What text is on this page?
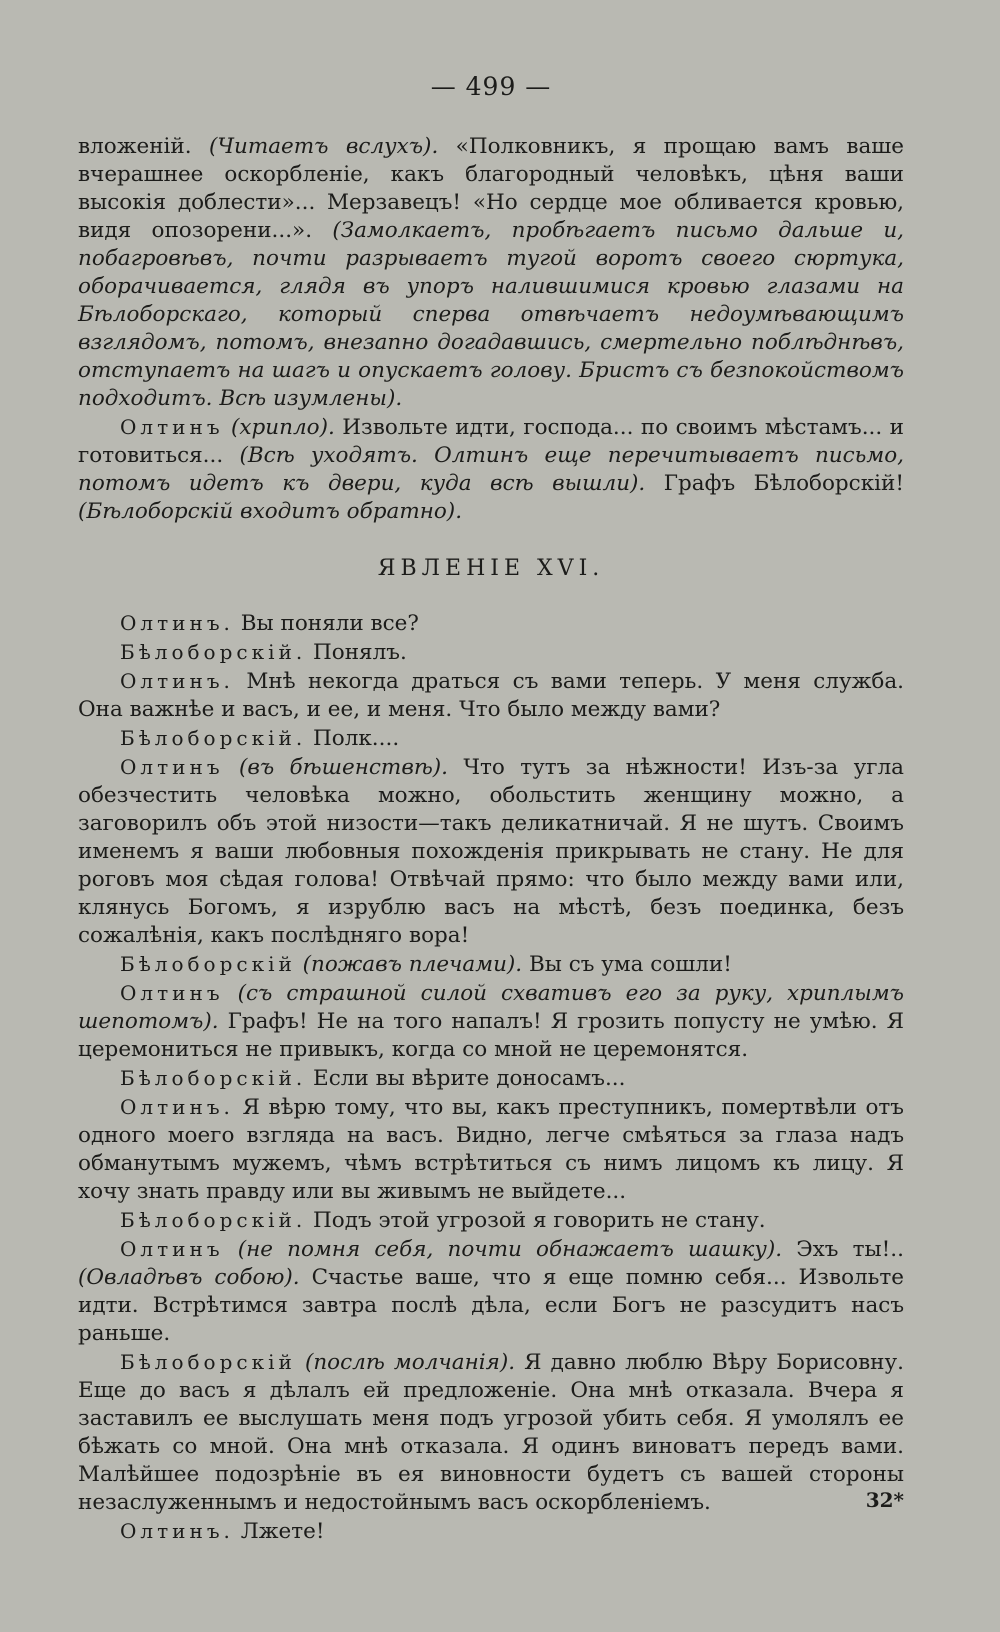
— 499 —

вложенiй. (Читаетъ вслухъ). «Полковникъ, я прощаю вамъ ваше вчерашнее оскорбленiе, какъ благородный человѣкъ, цѣня ваши высокiя доблести»... Мерзавецъ! «Но сердце мое обливается кровью, видя опозорени...». (Замолкаетъ, пробѣгаетъ письмо дальше и, побагровѣвъ, почти разрываетъ тугой воротъ своего сюртука, оборачивается, глядя въ упоръ налившимися кровью глазами на Бѣлоборскаго, который сперва отвѣчаетъ недоумѣвающимъ взглядомъ, потомъ, внезапно догадавшись, смертельно поблѣднѣвъ, отступаетъ на шагъ и опускаетъ голову. Бристъ съ безпокойствомъ подходитъ. Всѣ изумлены).

Олтинъ (хрипло). Извольте идти, господа... по своимъ мѣстамъ... и готовиться... (Всѣ уходятъ. Олтинъ еще перечитываетъ письмо, потомъ идетъ къ двери, куда всѣ вышли). Графъ Бѣлоборскiй! (Бѣлоборскiй входитъ обратно).

ЯВЛЕНIЕ XVI.

Олтинъ. Вы поняли все?

Бѣлоборскiй. Понялъ.

Олтинъ. Мнѣ некогда драться съ вами теперь. У меня служба. Она важнѣе и васъ, и ее, и меня. Что было между вами?

Бѣлоборскiй. Полк....

Олтинъ (въ бѣшенствѣ). Что тутъ за нѣжности! Изъ-за угла обезчестить человѣка можно, обольстить женщину можно, а заговорилъ объ этой низости—такъ деликатничай. Я не шутъ. Своимъ именемъ я ваши любовныя похожденiя прикрывать не стану. Не для роговъ моя сѣдая голова! Отвѣчай прямо: что было между вами или, клянусь Богомъ, я изрублю васъ на мѣстѣ, безъ поединка, безъ сожалѣнiя, какъ послѣдняго вора!

Бѣлоборскiй (пожавъ плечами). Вы съ ума сошли!

Олтинъ (съ страшной силой схвативъ его за руку, хриплымъ шепотомъ). Графъ! Не на того напалъ! Я грозить попусту не умѣю. Я церемониться не привыкъ, когда со мной не церемонятся.

Бѣлоборскiй. Если вы вѣрите доносамъ...

Олтинъ. Я вѣрю тому, что вы, какъ преступникъ, помертвѣли отъ одного моего взгляда на васъ. Видно, легче смѣяться за глаза надъ обманутымъ мужемъ, чѣмъ встрѣтиться съ нимъ лицомъ къ лицу. Я хочу знать правду или вы живымъ не выйдете...

Бѣлоборскiй. Подъ этой угрозой я говорить не стану.

Олтинъ (не помня себя, почти обнажаетъ шашку). Эхъ ты!.. (Овладѣвъ собою). Счастье ваше, что я еще помню себя... Извольте идти. Встрѣтимся завтра послѣ дѣла, если Богъ не разсудитъ насъ раньше.

Бѣлоборскiй (послѣ молчанiя). Я давно люблю Вѣру Борисовну. Еще до васъ я дѣлалъ ей предложенiе. Она мнѣ отказала. Вчера я заставилъ ее выслушать меня подъ угрозой убить себя. Я умолялъ ее бѣжать со мной. Она мнѣ отказала. Я одинъ виноватъ передъ вами. Малѣйшее подозрѣнiе въ ея виновности будетъ съ вашей стороны незаслуженнымъ и недостойнымъ васъ оскорбленiемъ.

Олтинъ. Лжете!

32*
